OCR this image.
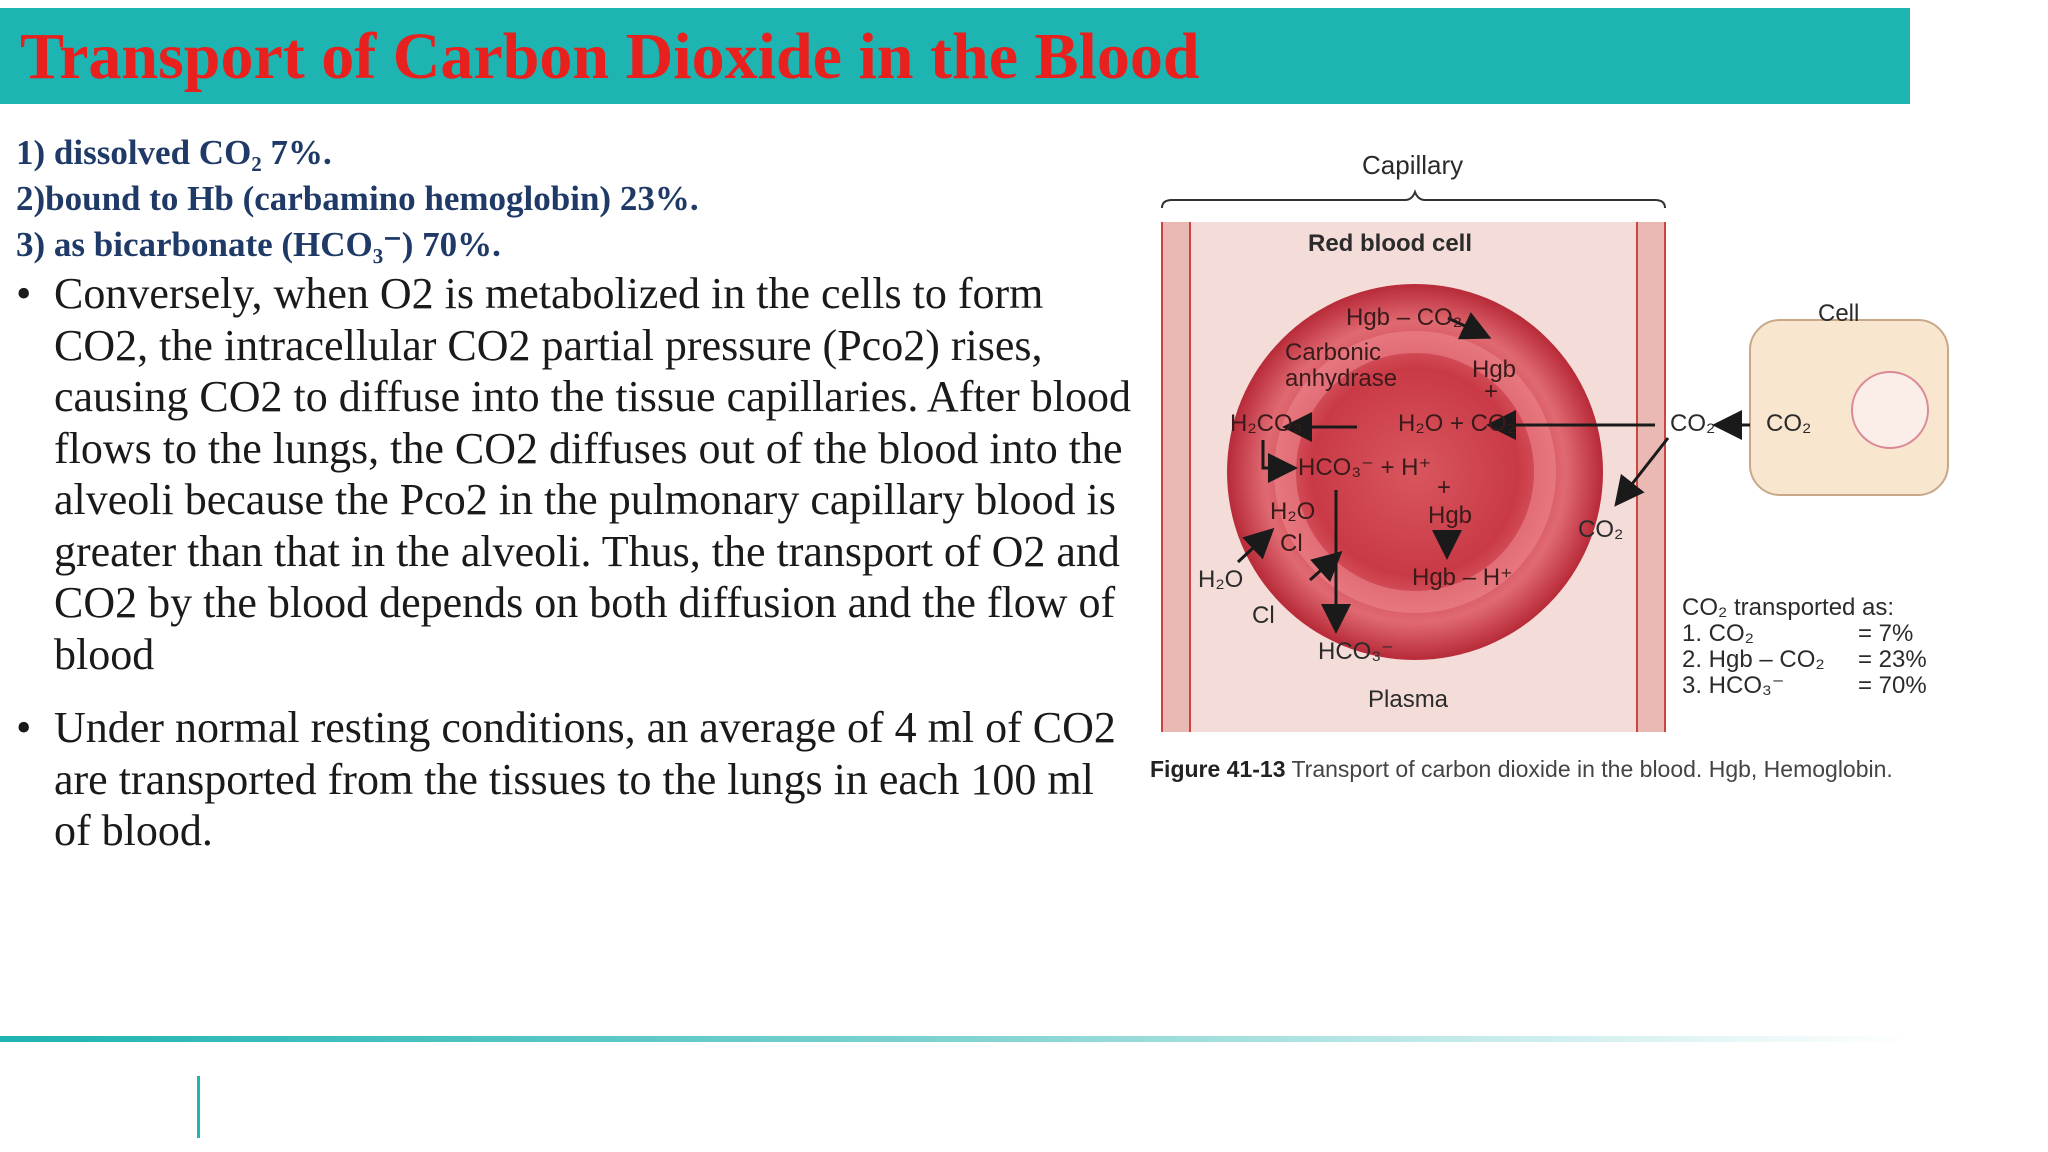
Transport of Carbon Dioxide in the Blood
1) dissolved CO₂ 7%.
2)bound to Hb (carbamino hemoglobin) 23%.
3) as bicarbonate (HCO₃⁻) 70%.
• Conversely, when O2 is metabolized in the cells to form CO2, the intracellular CO2 partial pressure (Pco2) rises, causing CO2 to diffuse into the tissue capillaries. After blood flows to the lungs, the CO2 diffuses out of the blood into the alveoli because the Pco2 in the pulmonary capillary blood is greater than that in the alveoli. Thus, the transport of O2 and CO2 by the blood depends on both diffusion and the flow of blood
• Under normal resting conditions, an average of 4 ml of CO2 are transported from the tissues to the lungs in each 100 ml of blood.
Capillary
Red blood cell
Cell
Hgb – CO₂
Carbonic anhydrase	Hgb
+
H₂CO₃	H₂O + CO₂
HCO₃⁻ + H⁺
+
H₂O	Hgb
Cl
Hgb – H⁺
H₂O
Cl
HCO₃⁻
Plasma
CO₂
CO₂ CO₂
CO₂ transported as:
1. CO₂	= 7%
2. Hgb – CO₂ = 23%
3. HCO₃⁻	= 70%
Figure 41-13 Transport of carbon dioxide in the blood. Hgb, Hemoglobin.
